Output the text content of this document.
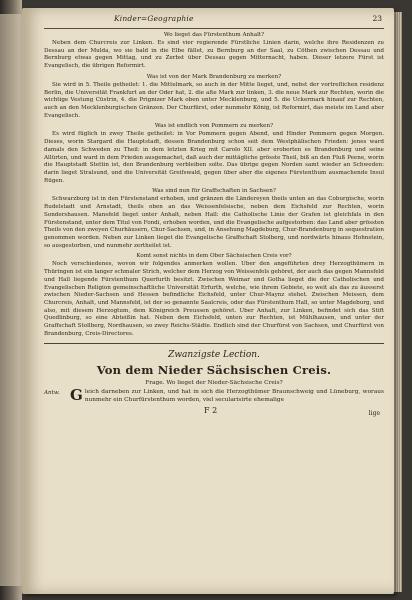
Kinder=Geographie	23
Wo lieget das Fürstenthum Anhalt?

Neben dem Churcreis zur Linken. Es sind vier regierende Fürstliche Linien darin, welche ihre Residenzen zu Dessau an der Mulda, wo sie bald in die Elbe fället, zu Bernburg an der Saal, zu Cöthen zwischen Dessau und Bernburg etwas gegen Mittag, und zu Zerbst über Dessau gegen Mitternacht, haben. Dieser letzere Fürst ist Evangelisch, die übrigen Reformirt.

Was ist von der Mark Brandenburg zu merken?

Sie wird in 5. Theile getheilet: 1. die Mittelmark, so auch in der Mitte lieget, und, nebst der vortreflichen residenz Berlin, die Universität Frankfurt an der Oder hat, 2. die alte Mark zur linken, 3. die neue Mark zur Rechten, worin die wichtige Vestung Cüstrin, 4. die Prignizer Mark oben unter Mecklenburg, und 5. die Uckermark hinauf zur Rechten, auch an den Mecklenburgischen Gränzen. Der Churfürst, oder nunmehr König, ist Reformirt, das meiste im Land aber Evangelisch.

Was ist endlich von Pommern zu merken?

Es wird füglich in zwey Theile getheilet: in Vor Pommern gegen Abend, und Hinder Pommern gegen Morgen. Dieses, worin Stargard die Hauptstadt, dessen Brandenburg schon seit dem Westphälischen Frieden: jenes ward damals den Schweden zu Theil: in dem letzten Krieg mit Carolo XII. aber eroberten es Brandenburg und seine Allürten, und ward in dem Frieden ausgemachet, daß auch der mittägliche grösste Theil, biß an den Fluß Peene, worin die Hauptstadt Stettin ist, den Brandenburg verbleiben solte. Das übrige gegen Norden samt wieder an Schweden: darin lieget Stralsund, und die Universität Greifswald, gegen über aber die eigenes Fürstenthum ausmachende Insul Rügen.

Was sind nun für Graffschaften in Sachsen?

Schwarzburg ist in den Fürstenstand erhoben, und gränzen die Ländereyen theils unten an das Coburgische, worin Rudelstadt und Arnstadt, theils oben an das Weissenfelsische, neben dem Eichsfeld zur Rechten, worin Sondershausen. Mansfeld lieget unter Anhalt, neben Hall: die Catholische Linie der Grafen ist gleichfals in den Fürstenstand, unter dem Titul von Fondi, erhoben worden, und die Evangelische aufgestorben: das Land aber grössten Theils von den zweyen Churhäusern, Chur-Sachsen, und, in Ansehung Magdeburg, Chur-Brandenburg in sequestration genommen worden. Neben zur Linken lieget die Evangelische Graffschaft Stolberg, und nordwärts hinaus Hohnstein, so ausgestorben, und nunmehr zertheilet ist.

Komt sonst nichts in dem Ober Sächsischen Creis vor?

Noch verschiedenes, wovon wir folgendes anmerken wollen. Uber den angeführten drey Herzogthümern in Thüringen ist ein langer schmaler Strich, welcher dem Herzog von Weissenfels gehöret, der auch das gegen Mannsfeld und Hall liegende Fürstenthum Querfurth besitzt. Zwischen Weimar und Gotha lieget die der Catholischen und Evangelischen Religion gemeinschaftliche Universität Erfurth, welche, wie ihrem Gebiete, so weit als das zu äusserst zwischen Nieder-Sachsen und Hessen befindliche Eichsfeld, unter Chur-Maynz stehet. Zwischen Meissen, dem Churcreis, Anhalt, und Mannsfeld, ist der so genannte Saalcreis, oder das Fürstenthum Hall, so unter Magdeburg, und also, mit diesem Herzogtum, dem Königreich Preussen gehöret. Uber Anhalt, zur Linken, befindet sich das Stift Quedlinburg, so eine Abteißin hat. Neben dem Eichsfeld, unten zur Rechten, ist Mühlhausen, und unter der Graffschaft Stollberg, Nordhausen, so zwey Reichs-Städte. Endlich sind der Churfürst von Sachsen, und Churfürst von Brandenburg, Creis-Directores.

Zwanzigste Lection.
Von dem Nieder Sächsischen Creis.
Frage. Wo lieget der Nieder-Sächsische Creis?
Antw. G leich darneben zur Linken, und hat in sich die Herzogthümer Braunschweig und Lüneburg, woraus nunmehr ein Churfürstenthum worden, viel secularisirte ehemalige
F 2	lige
